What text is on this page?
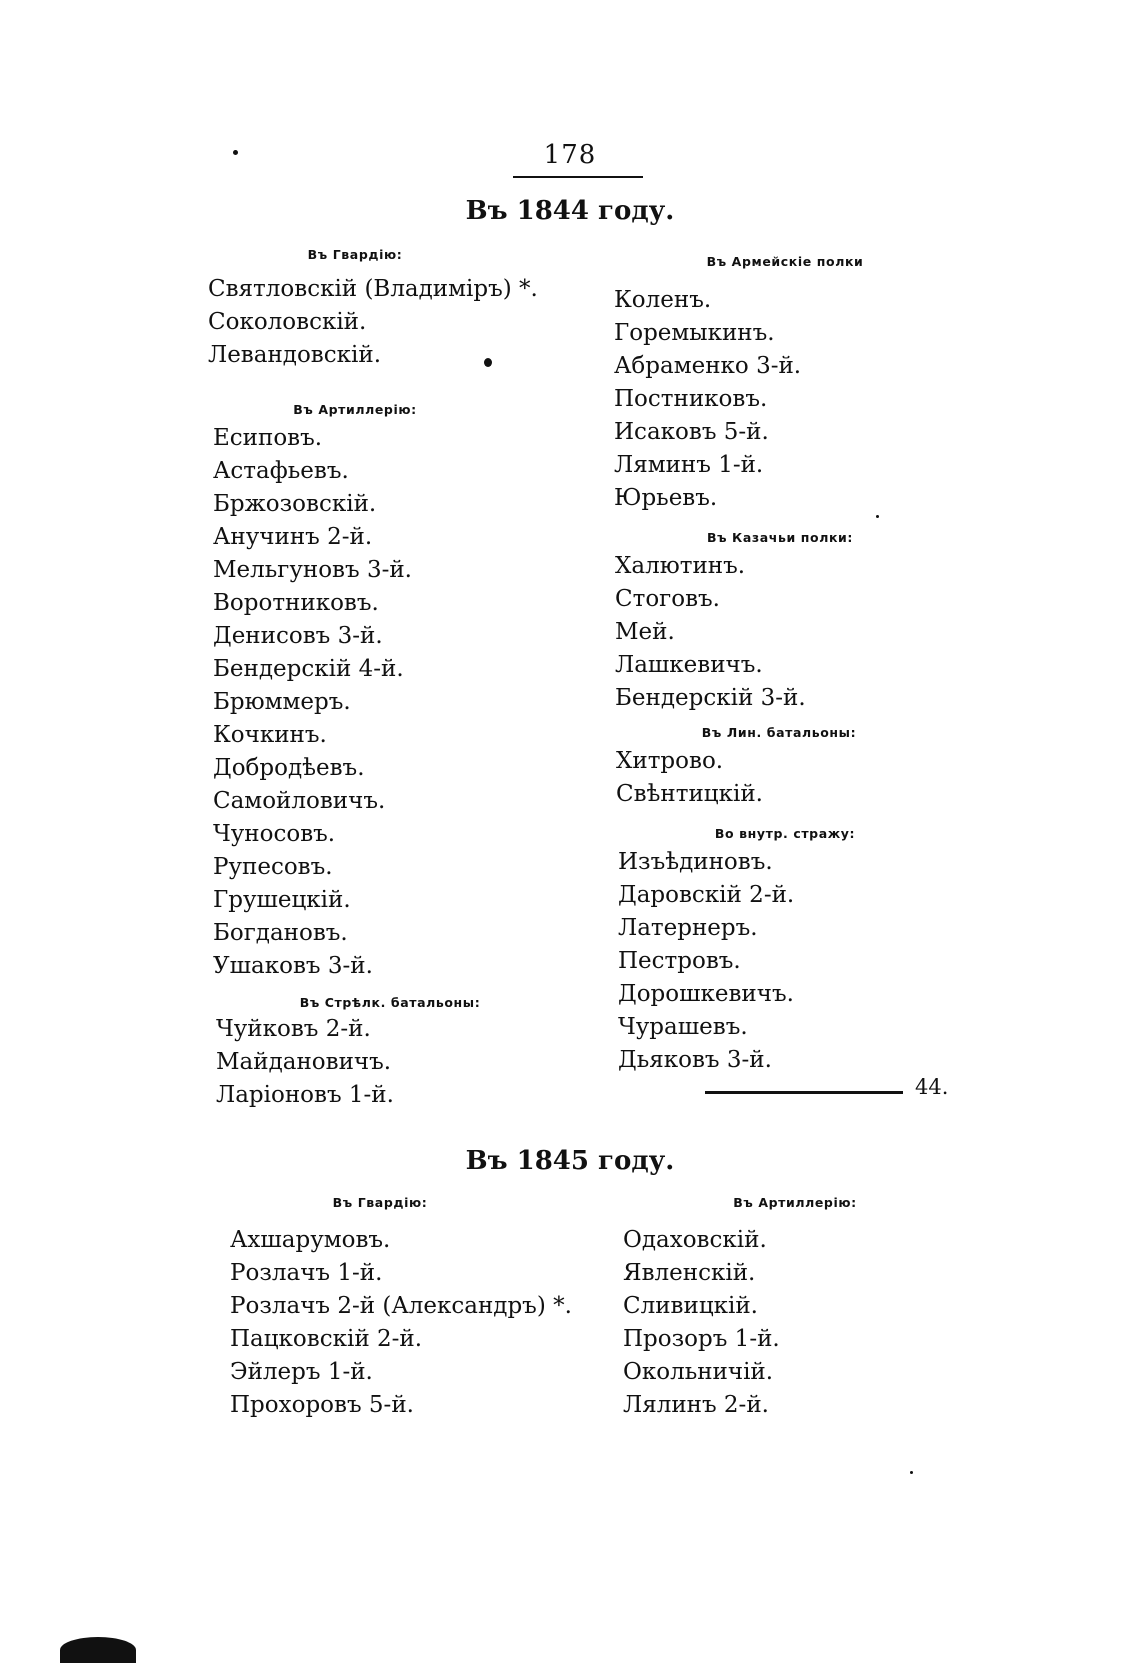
178
Въ 1844 году.
Въ Гвардію:
Святловскій (Владиміръ) *.
Соколовскій.
Левандовскій.
Въ Артиллерію:
Есиповъ.
Астафьевъ.
Бржозовскій.
Анучинъ 2-й.
Мельгуновъ 3-й.
Воротниковъ.
Денисовъ 3-й.
Бендерскій 4-й.
Брюммеръ.
Кочкинъ.
Добродѣевъ.
Самойловичъ.
Чуносовъ.
Рупесовъ.
Грушецкій.
Богдановъ.
Ушаковъ 3-й.
Въ Стрѣлк. батальоны:
Чуйковъ 2-й.
Майдановичъ.
Ларіоновъ 1-й.
Въ Армейскіе полки
Коленъ.
Горемыкинъ.
Абраменко 3-й.
Постниковъ.
Исаковъ 5-й.
Ляминъ 1-й.
Юрьевъ.
Въ Казачьи полки:
Халютинъ.
Стоговъ.
Мей.
Лашкевичъ.
Бендерскій 3-й.
Въ Лин. батальоны:
Хитрово.
Свѣнтицкій.
Во внутр. стражу:
Изъѣдиновъ.
Даровскій 2-й.
Латернеръ.
Пестровъ.
Дорошкевичъ.
Чурашевъ.
Дьяковъ 3-й.
44.
Въ 1845 году.
Въ Гвардію:
Ахшарумовъ.
Розлачъ 1-й.
Розлачъ 2-й (Александръ) *.
Пацковскій 2-й.
Эйлеръ 1-й.
Прохоровъ 5-й.
Въ Артиллерію:
Одаховскій.
Явленскій.
Сливицкій.
Прозоръ 1-й.
Окольничій.
Лялинъ 2-й.
